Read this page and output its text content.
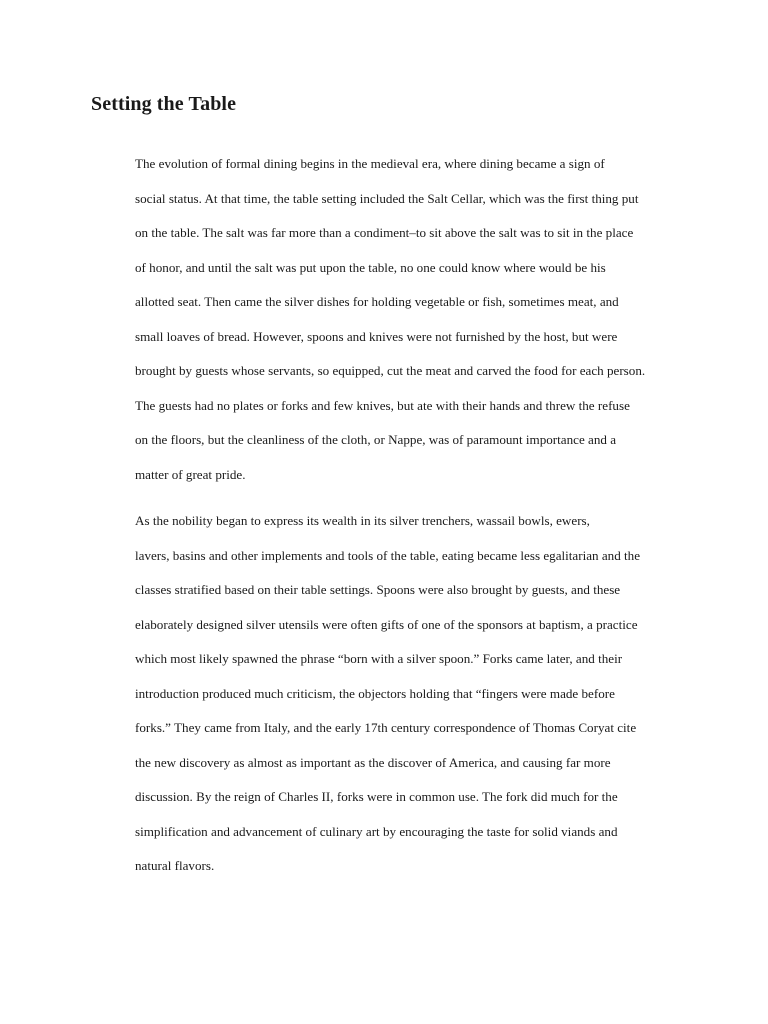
Setting the Table

The evolution of formal dining begins in the medieval era, where dining became a sign of
social status. At that time, the table setting included the Salt Cellar, which was the first thing put
on the table. The salt was far more than a condiment–to sit above the salt was to sit in the place
of honor, and until the salt was put upon the table, no one could know where would be his
allotted seat. Then came the silver dishes for holding vegetable or fish, sometimes meat, and
small loaves of bread. However, spoons and knives were not furnished by the host, but were
brought by guests whose servants, so equipped, cut the meat and carved the food for each person.
The guests had no plates or forks and few knives, but ate with their hands and threw the refuse
on the floors, but the cleanliness of the cloth, or Nappe, was of paramount importance and a
matter of great pride.

As the nobility began to express its wealth in its silver trenchers, wassail bowls, ewers,
lavers, basins and other implements and tools of the table, eating became less egalitarian and the
classes stratified based on their table settings. Spoons were also brought by guests, and these
elaborately designed silver utensils were often gifts of one of the sponsors at baptism, a practice
which most likely spawned the phrase “born with a silver spoon.” Forks came later, and their
introduction produced much criticism, the objectors holding that “fingers were made before
forks.” They came from Italy, and the early 17th century correspondence of Thomas Coryat cite
the new discovery as almost as important as the discover of America, and causing far more
discussion. By the reign of Charles II, forks were in common use. The fork did much for the
simplification and advancement of culinary art by encouraging the taste for solid viands and
natural flavors.
